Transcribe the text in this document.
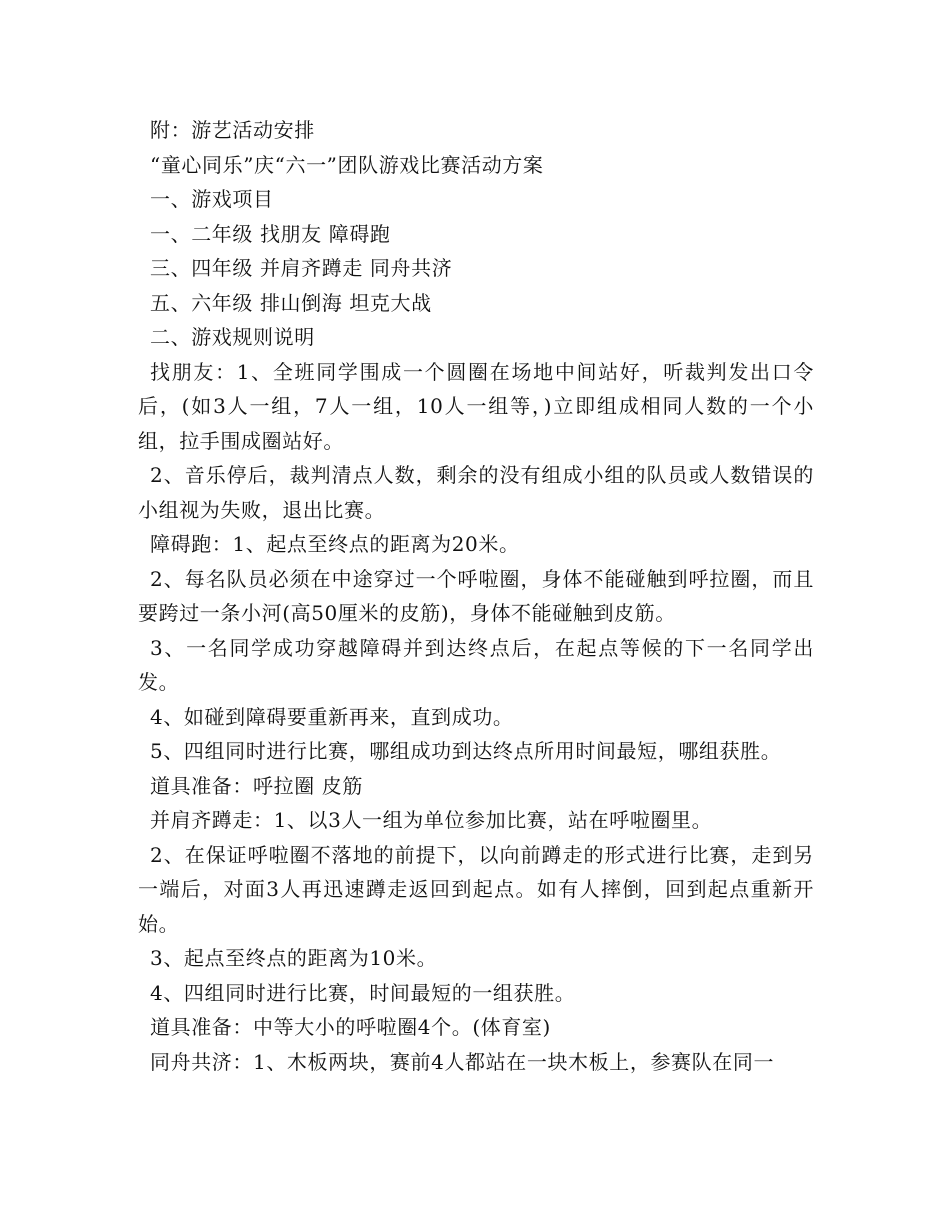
附：游艺活动安排

“童心同乐”庆“六一”团队游戏比赛活动方案

一、游戏项目

一、二年级 找朋友 障碍跑

三、四年级 并肩齐蹲走 同舟共济

五、六年级 排山倒海 坦克大战

二、游戏规则说明

找朋友：1、全班同学围成一个圆圈在场地中间站好，听裁判发出口令后，(如3人一组，7人一组，10人一组等，)立即组成相同人数的一个小组，拉手围成圈站好。

2、音乐停后，裁判清点人数，剩余的没有组成小组的队员或人数错误的小组视为失败，退出比赛。

障碍跑：1、起点至终点的距离为20米。

2、每名队员必须在中途穿过一个呼啦圈，身体不能碰触到呼拉圈，而且要跨过一条小河(高50厘米的皮筋)，身体不能碰触到皮筋。

3、一名同学成功穿越障碍并到达终点后，在起点等候的下一名同学出发。

4、如碰到障碍要重新再来，直到成功。

5、四组同时进行比赛，哪组成功到达终点所用时间最短，哪组获胜。

道具准备：呼拉圈 皮筋

并肩齐蹲走：1、以3人一组为单位参加比赛，站在呼啦圈里。

2、在保证呼啦圈不落地的前提下，以向前蹲走的形式进行比赛，走到另一端后，对面3人再迅速蹲走返回到起点。如有人摔倒，回到起点重新开始。

3、起点至终点的距离为10米。

4、四组同时进行比赛，时间最短的一组获胜。

道具准备：中等大小的呼啦圈4个。(体育室)

同舟共济：1、木板两块，赛前4人都站在一块木板上，参赛队在同一
